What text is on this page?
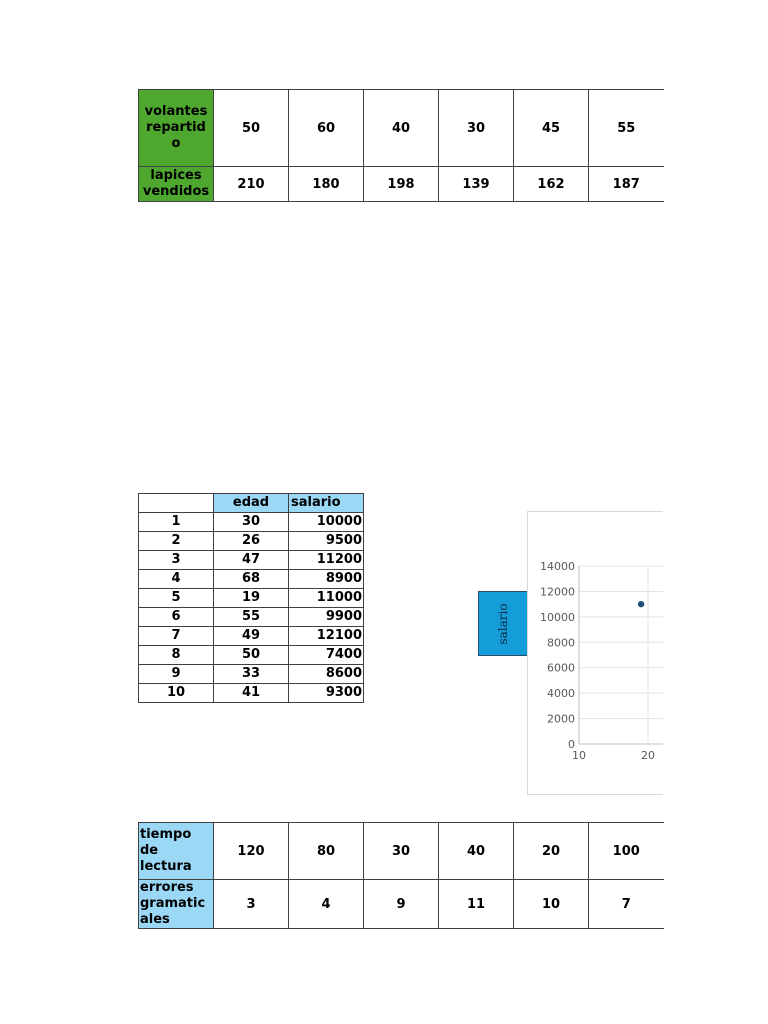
volantes repartid o	50	60	40	30	45	55
lapices vendidos	210	180	198	139	162	187
	edad	salario
1	30	10000
2	26	9500
3	47	11200
4	68	8900
5	19	11000
6	55	9900
7	49	12100
8	50	7400
9	33	8600
10	41	9300
salario
0
2000
4000
6000
8000
10000
12000
14000
10	20
tiempo de lectura	120	80	30	40	20	100
errores gramatic ales	3	4	9	11	10	7
